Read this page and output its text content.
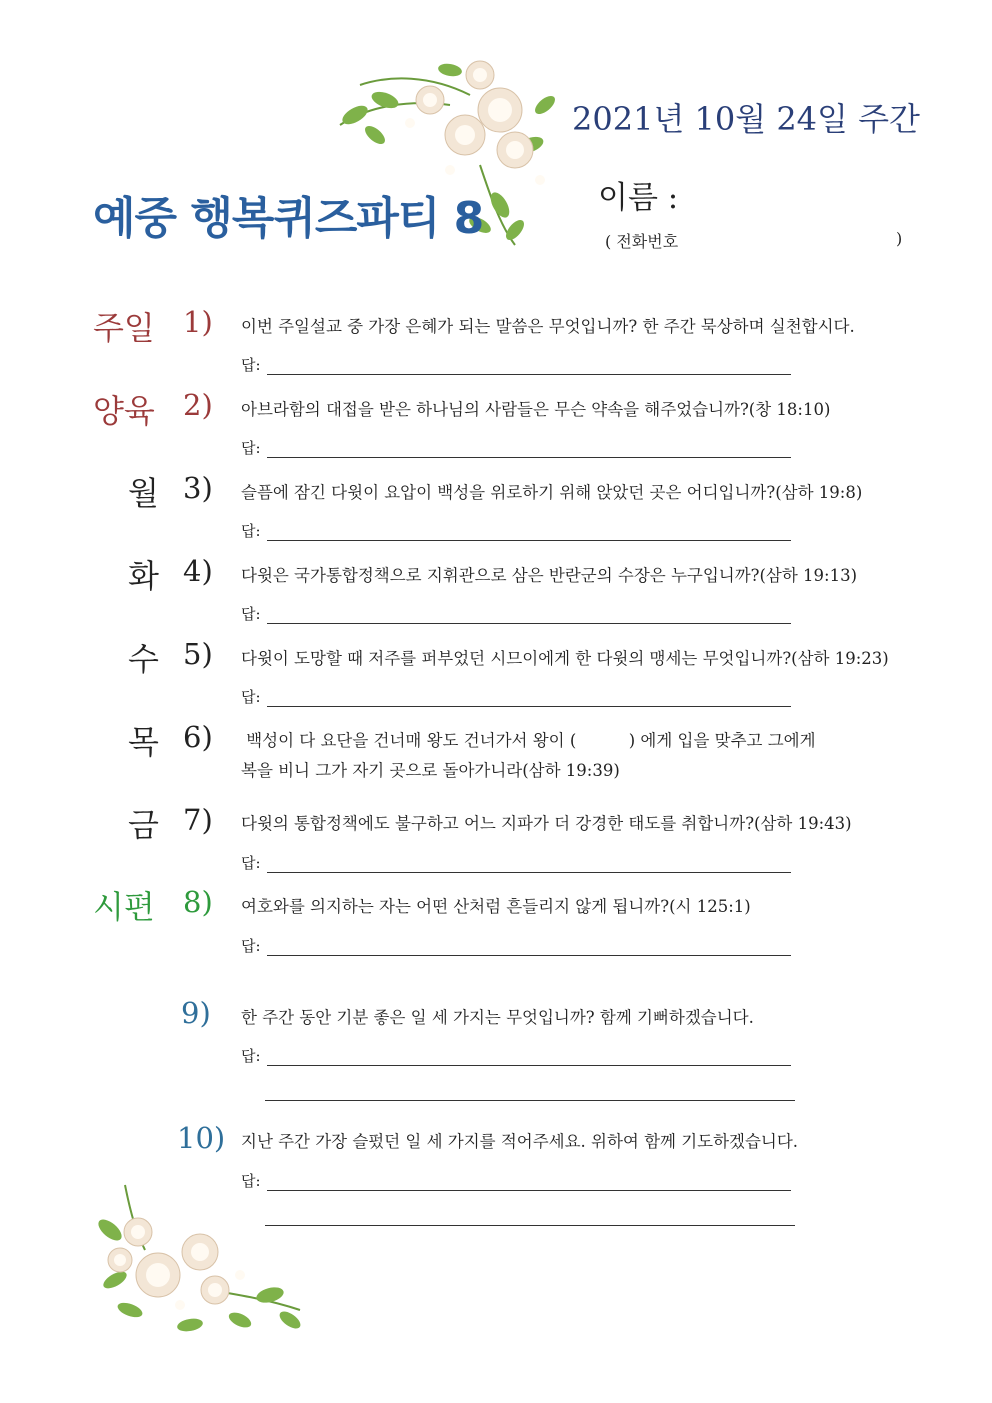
2021년 10월 24일 주간
예중 행복퀴즈파티 8	이름 :
( 전화번호	)
주일 1) 이번 주일설교 중 가장 은혜가 되는 말씀은 무엇입니까? 한 주간 묵상하며 실천합시다.
답:
양육 2) 아브라함의 대접을 받은 하나님의 사람들은 무슨 약속을 해주었습니까?(창 18:10)
답:
월 3) 슬픔에 잠긴 다윗이 요압이 백성을 위로하기 위해 앉았던 곳은 어디입니까?(삼하 19:8)
답:
화 4) 다윗은 국가통합정책으로 지휘관으로 삼은 반란군의 수장은 누구입니까?(삼하 19:13)
답:
수 5) 다윗이 도망할 때 저주를 퍼부었던 시므이에게 한 다윗의 맹세는 무엇입니까?(삼하 19:23)
답:
목 6) 백성이 다 요단을 건너매 왕도 건너가서 왕이 (          ) 에게 입을 맞추고 그에게
복을 비니 그가 자기 곳으로 돌아가니라(삼하 19:39)
금 7) 다윗의 통합정책에도 불구하고 어느 지파가 더 강경한 태도를 취합니까?(삼하 19:43)
답:
시편 8) 여호와를 의지하는 자는 어떤 산처럼 흔들리지 않게 됩니까?(시 125:1)
답:
9) 한 주간 동안 기분 좋은 일 세 가지는 무엇입니까? 함께 기뻐하겠습니다.
답:
10) 지난 주간 가장 슬펐던 일 세 가지를 적어주세요. 위하여 함께 기도하겠습니다.
답:
